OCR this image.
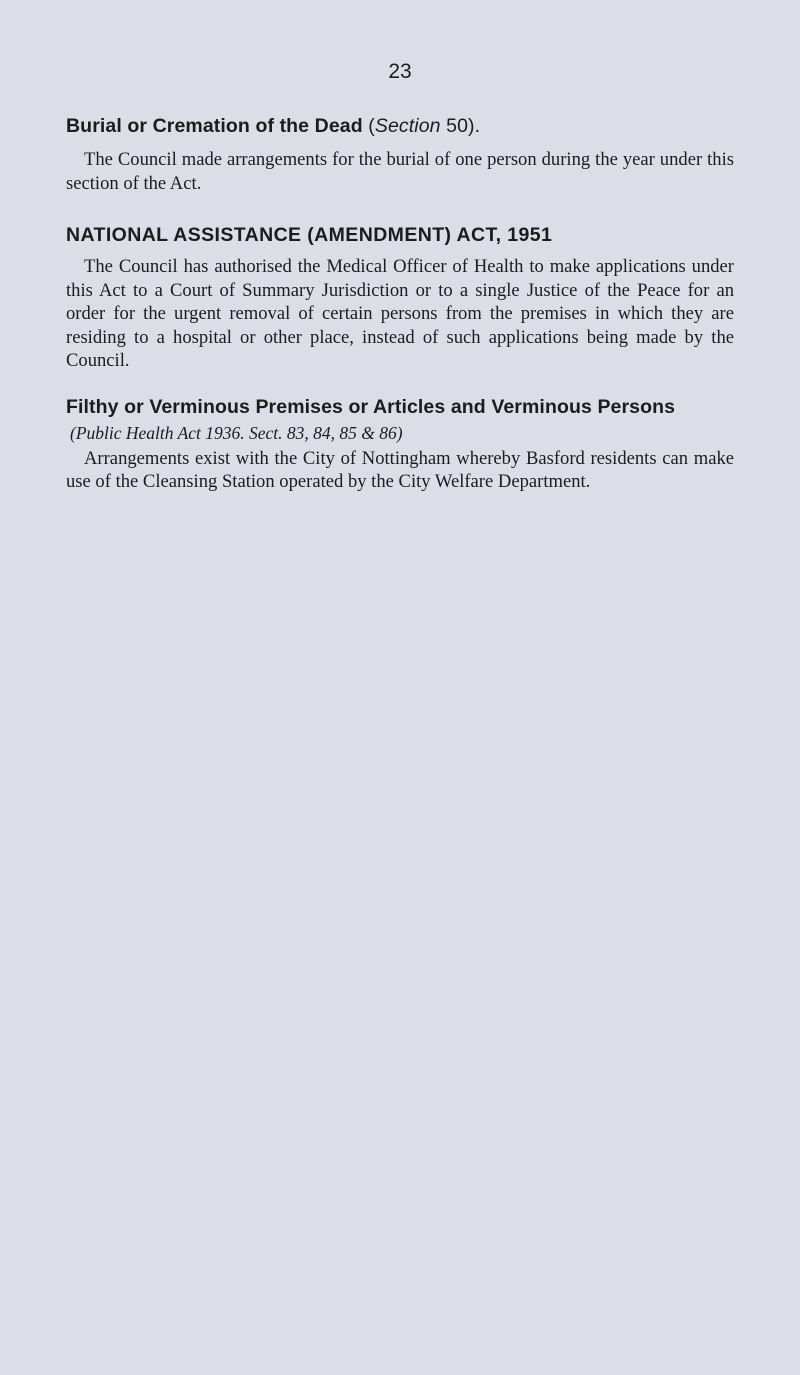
23
Burial or Cremation of the Dead (Section 50).

The Council made arrangements for the burial of one person during the year under this section of the Act.

NATIONAL ASSISTANCE (AMENDMENT) ACT, 1951

The Council has authorised the Medical Officer of Health to make applications under this Act to a Court of Summary Jurisdiction or to a single Justice of the Peace for an order for the urgent removal of certain persons from the premises in which they are residing to a hospital or other place, instead of such applications being made by the Council.

Filthy or Verminous Premises or Articles and Verminous Persons

(Public Health Act 1936. Sect. 83, 84, 85 & 86)

Arrangements exist with the City of Nottingham whereby Basford residents can make use of the Cleansing Station operated by the City Welfare Department.
